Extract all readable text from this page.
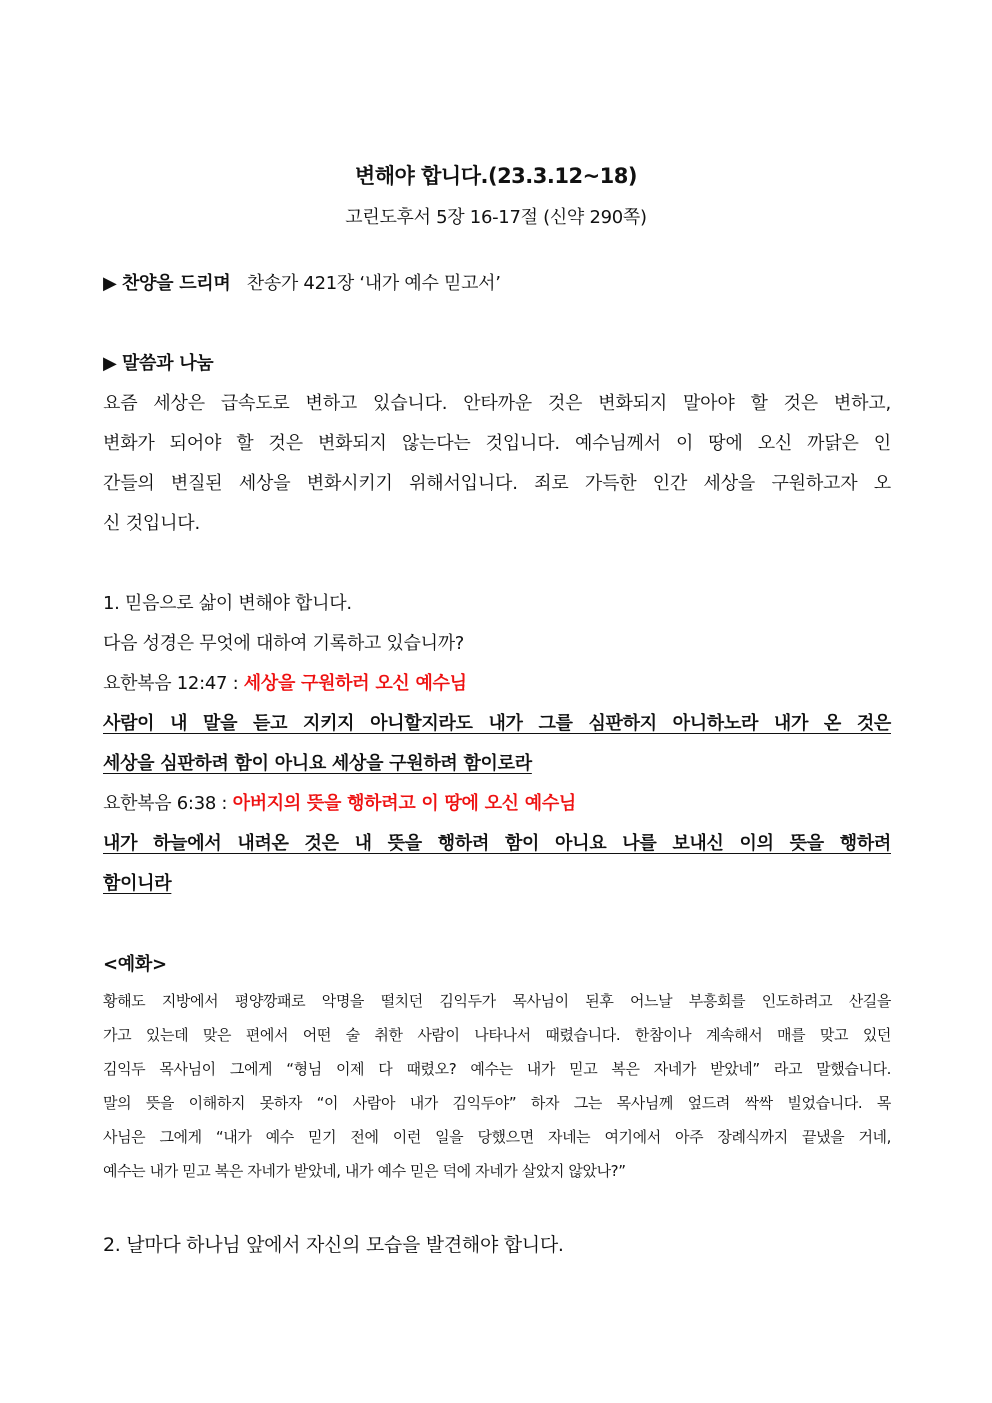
변해야 합니다.(23.3.12~18)
고린도후서 5장 16-17절 (신약 290쪽)
▶ 찬양을 드리며 찬송가 421장 ‘내가 예수 믿고서’
▶ 말씀과 나눔
요즘 세상은 급속도로 변하고 있습니다. 안타까운 것은 변화되지 말아야 할 것은 변하고,
변화가 되어야 할 것은 변화되지 않는다는 것입니다. 예수님께서 이 땅에 오신 까닭은 인
간들의 변질된 세상을 변화시키기 위해서입니다. 죄로 가득한 인간 세상을 구원하고자 오
신 것입니다.
1. 믿음으로 삶이 변해야 합니다.
다음 성경은 무엇에 대하여 기록하고 있습니까?
요한복음 12:47 : 세상을 구원하러 오신 예수님
사람이 내 말을 듣고 지키지 아니할지라도 내가 그를 심판하지 아니하노라 내가 온 것은
세상을 심판하려 함이 아니요 세상을 구원하려 함이로라
요한복음 6:38 : 아버지의 뜻을 행하려고 이 땅에 오신 예수님
내가 하늘에서 내려온 것은 내 뜻을 행하려 함이 아니요 나를 보내신 이의 뜻을 행하려
함이니라
<예화>
황해도 지방에서 평양깡패로 악명을 떨치던 김익두가 목사님이 된후 어느날 부흥회를 인도하려고 산길을
가고 있는데 맞은 편에서 어떤 술 취한 사람이 나타나서 때렸습니다. 한참이나 계속해서 매를 맞고 있던
김익두 목사님이 그에게 “형님 이제 다 때렸오? 예수는 내가 믿고 복은 자네가 받았네” 라고 말했습니다.
말의 뜻을 이해하지 못하자 “이 사람아 내가 김익두야” 하자 그는 목사님께 엎드려 싹싹 빌었습니다. 목
사님은 그에게 “내가 예수 믿기 전에 이런 일을 당했으면 자네는 여기에서 아주 장례식까지 끝냈을 거네,
예수는 내가 믿고 복은 자네가 받았네, 내가 예수 믿은 덕에 자네가 살았지 않았나?”
2. 날마다 하나님 앞에서 자신의 모습을 발견해야 합니다.
